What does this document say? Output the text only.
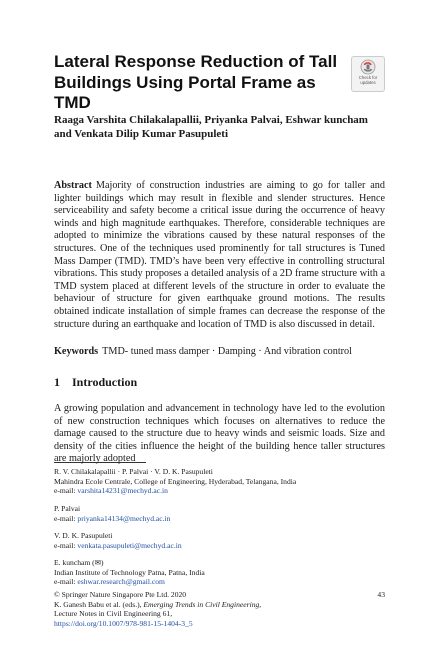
Lateral Response Reduction of Tall Buildings Using Portal Frame as TMD
Check for
updates
Raaga Varshita Chilakalapallii, Priyanka Palvai, Eshwar kuncham and Venkata Dilip Kumar Pasupuleti
Abstract Majority of construction industries are aiming to go for taller and lighter buildings which may result in flexible and slender structures. Hence serviceability and safety become a critical issue during the occurrence of heavy winds and high magnitude earthquakes. Therefore, considerable techniques are adopted to minimize the vibrations caused by these natural responses of the structures. One of the techniques used prominently for tall structures is Tuned Mass Damper (TMD). TMD’s have been very effective in controlling structural vibrations. This study proposes a detailed analysis of a 2D frame structure with a TMD system placed at different levels of the structure in order to evaluate the behaviour of structure for given earthquake ground motions. The results obtained indicate installation of simple frames can decrease the response of the structure during an earthquake and location of TMD is also discussed in detail.
Keywords TMD- tuned mass damper · Damping · And vibration control
1 Introduction
A growing population and advancement in technology have led to the evolution of new construction techniques which focuses on alternatives to reduce the damage caused to the structure due to heavy winds and seismic loads. Size and density of the cities influence the height of the building hence taller structures are majorly adopted
R. V. Chilakalapallii · P. Palvai · V. D. K. Pasupuleti
Mahindra Ecole Centrale, College of Engineering, Hyderabad, Telangana, India
e-mail: varshita14231@mechyd.ac.in
P. Palvai
e-mail: priyanka14134@mechyd.ac.in
V. D. K. Pasupuleti
e-mail: venkata.pasupuleti@mechyd.ac.in
E. kuncham (✉)
Indian Institute of Technology Patna, Patna, India
e-mail: eshwar.research@gmail.com
© Springer Nature Singapore Pte Ltd. 2020	43
K. Ganesh Babu et al. (eds.), Emerging Trends in Civil Engineering,
Lecture Notes in Civil Engineering 61,
https://doi.org/10.1007/978-981-15-1404-3_5
